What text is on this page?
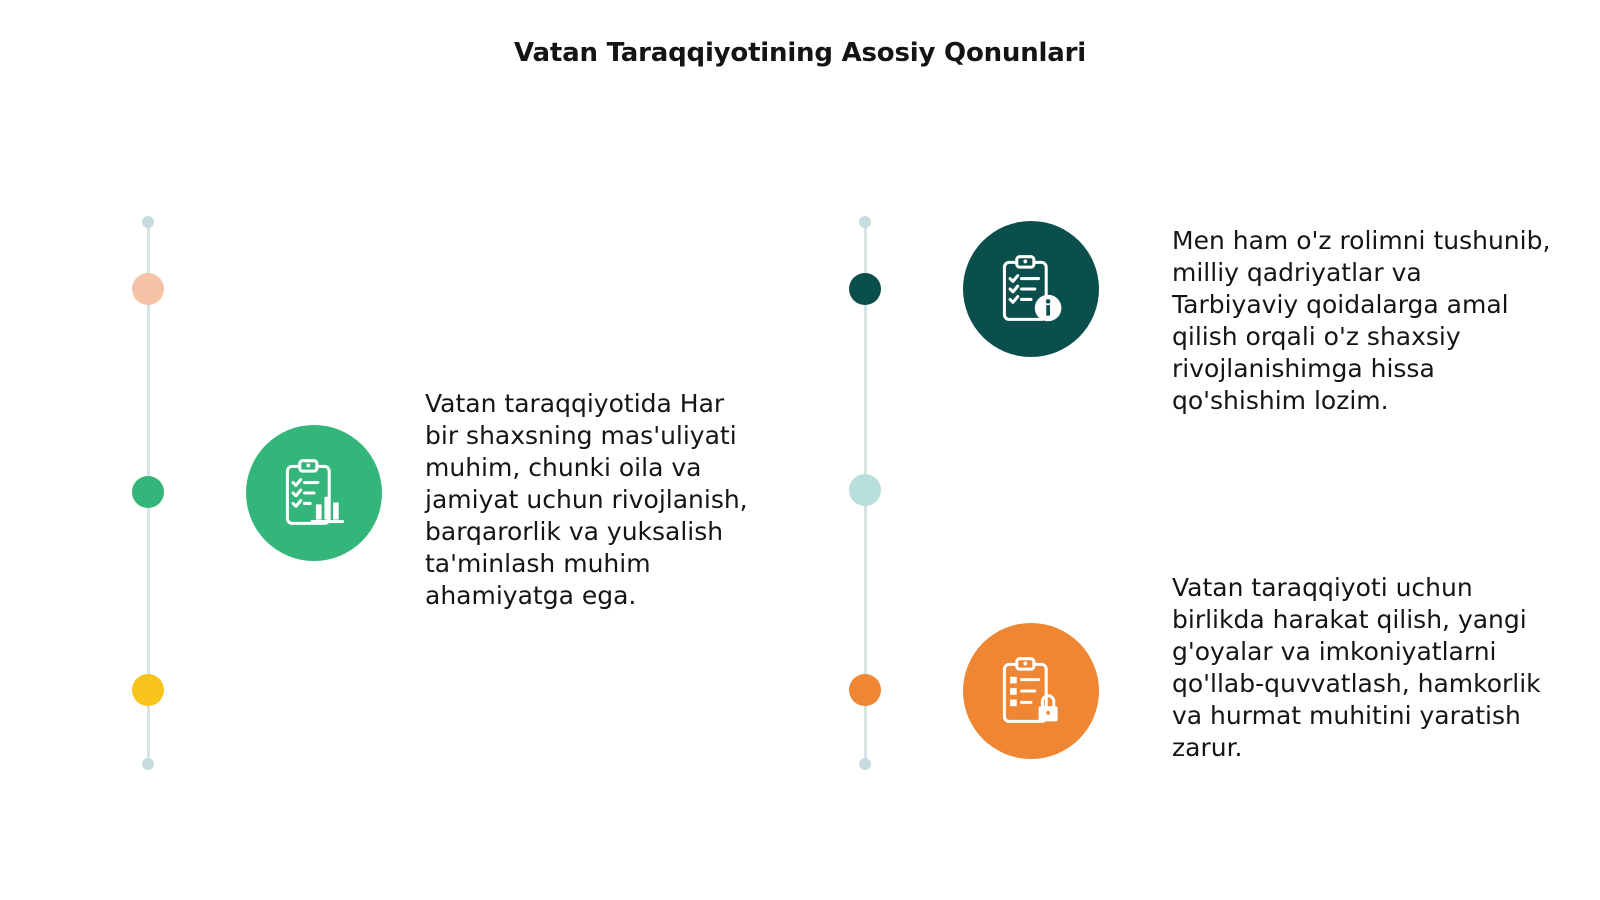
Vatan Taraqqiyotining Asosiy Qonunlari

Vatan taraqqiyotida Har bir shaxsning mas'uliyati muhim, chunki oila va jamiyat uchun rivojlanish, barqarorlik va yuksalish ta'minlash muhim ahamiyatga ega.

Men ham o'z rolimni tushunib, milliy qadriyatlar va Tarbiyaviy qoidalarga amal qilish orqali o'z shaxsiy rivojlanishimga hissa qo'shishim lozim.

Vatan taraqqiyoti uchun birlikda harakat qilish, yangi g'oyalar va imkoniyatlarni qo'llab-quvvatlash, hamkorlik va hurmat muhitini yaratish zarur.
